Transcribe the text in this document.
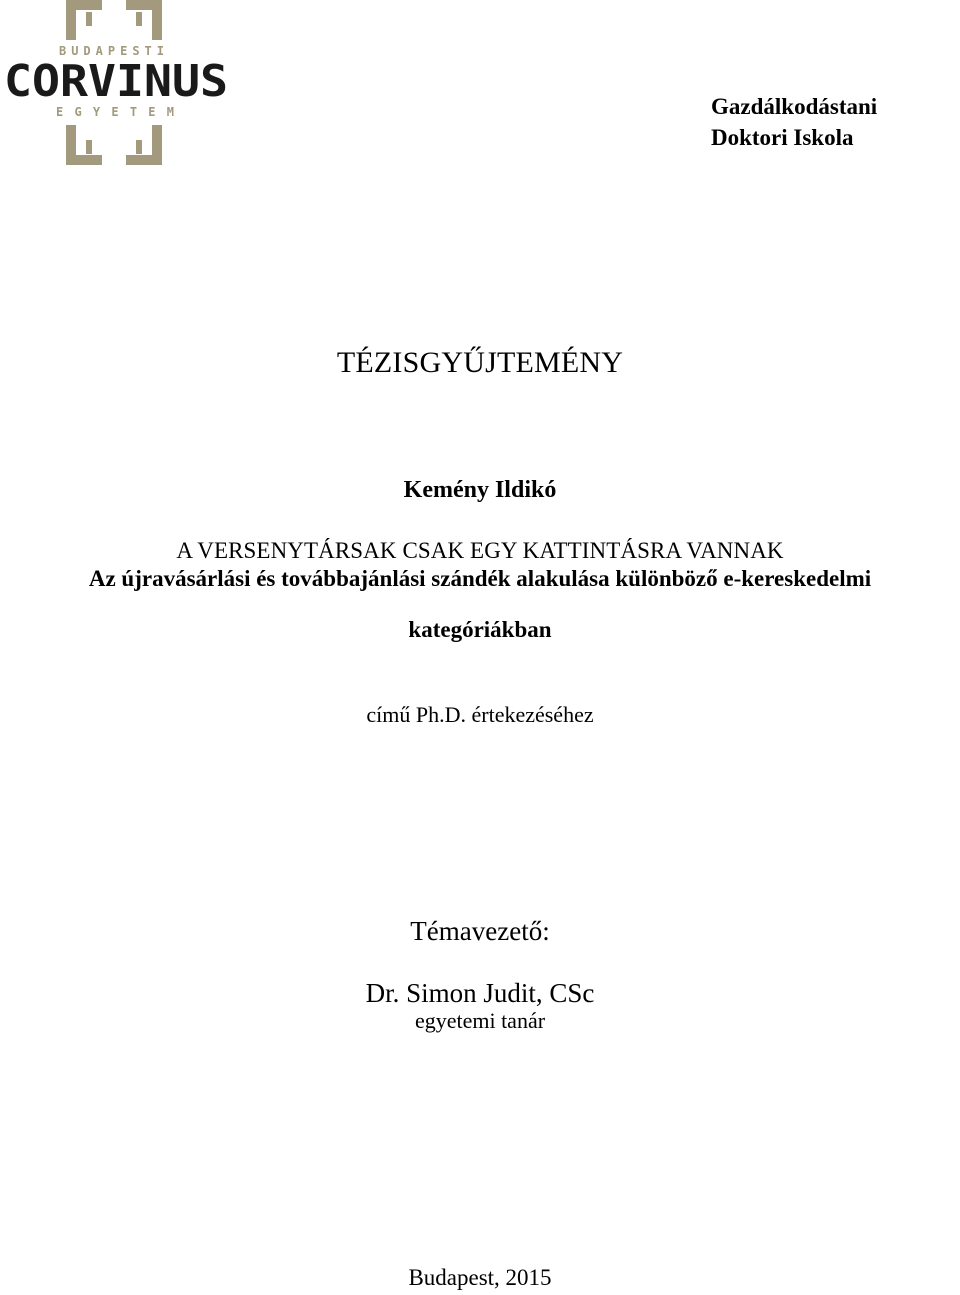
BUDAPESTI
CORVINUS
E G Y E T E M	Gazdálkodástani
Doktori Iskola
TÉZISGYŰJTEMÉNY
Kemény Ildikó
A VERSENYTÁRSAK CSAK EGY KATTINTÁSRA VANNAK
Az újravásárlási és továbbajánlási szándék alakulása különböző e-kereskedelmi
kategóriákban
című Ph.D. értekezéséhez
Témavezető:
Dr. Simon Judit, CSc
egyetemi tanár
Budapest, 2015
